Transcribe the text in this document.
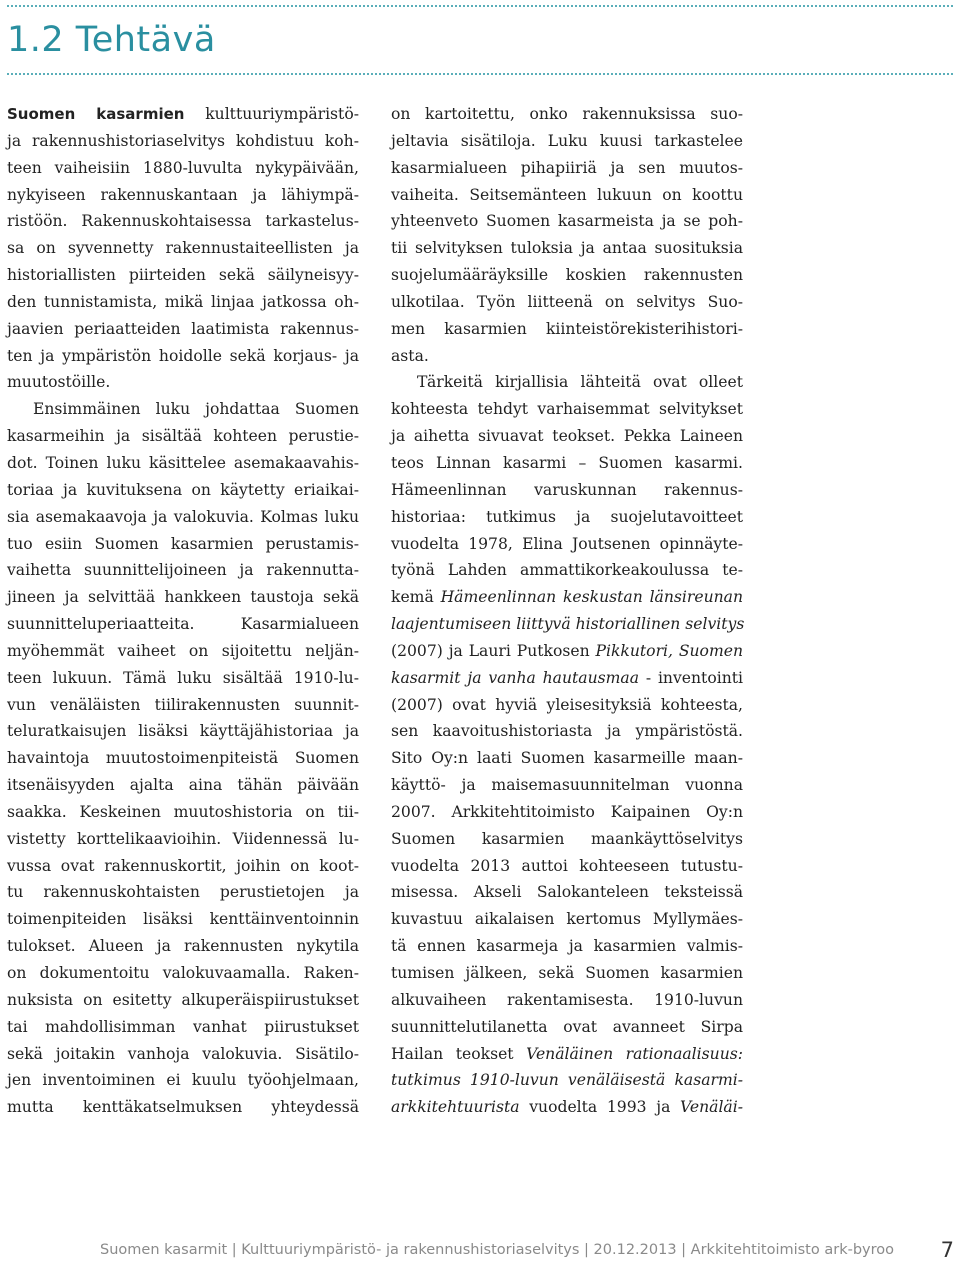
1.2 Tehtävä
Suomen kasarmien kulttuuriympäristö-
ja rakennushistoriaselvitys kohdistuu koh-
teen vaiheisiin 1880-luvulta nykypäivään,
nykyiseen rakennuskantaan ja lähiympä-
ristöön. Rakennuskohtaisessa tarkastelus-
sa on syvennetty rakennustaiteellisten ja
historiallisten piirteiden sekä säilyneisyy-
den tunnistamista, mikä linjaa jatkossa oh-
jaavien periaatteiden laatimista rakennus-
ten ja ympäristön hoidolle sekä korjaus- ja
muutostöille.
Ensimmäinen luku johdattaa Suomen
kasarmeihin ja sisältää kohteen perustie-
dot. Toinen luku käsittelee asemakaavahis-
toriaa ja kuvituksena on käytetty eriaikai-
sia asemakaavoja ja valokuvia. Kolmas luku
tuo esiin Suomen kasarmien perustamis-
vaihetta suunnittelijoineen ja rakennutta-
jineen ja selvittää hankkeen taustoja sekä
suunnitteluperiaatteita. Kasarmialueen
myöhemmät vaiheet on sijoitettu neljän-
teen lukuun. Tämä luku sisältää 1910-lu-
vun venäläisten tiilirakennusten suunnit-
teluratkaisujen lisäksi käyttäjähistoriaa ja
havaintoja muutostoimenpiteistä Suomen
itsenäisyyden ajalta aina tähän päivään
saakka. Keskeinen muutoshistoria on tii-
vistetty korttelikaavioihin. Viidennessä lu-
vussa ovat rakennuskortit, joihin on koot-
tu rakennuskohtaisten perustietojen ja
toimenpiteiden lisäksi kenttäinventoinnin
tulokset. Alueen ja rakennusten nykytila
on dokumentoitu valokuvaamalla. Raken-
nuksista on esitetty alkuperäispiirustukset
tai mahdollisimman vanhat piirustukset
sekä joitakin vanhoja valokuvia. Sisätilo-
jen inventoiminen ei kuulu työohjelmaan,
mutta kenttäkatselmuksen yhteydessä
on kartoitettu, onko rakennuksissa suo-
jeltavia sisätiloja. Luku kuusi tarkastelee
kasarmialueen pihapiiriä ja sen muutos-
vaiheita. Seitsemänteen lukuun on koottu
yhteenveto Suomen kasarmeista ja se poh-
tii selvityksen tuloksia ja antaa suosituksia
suojelumääräyksille koskien rakennusten
ulkotilaa. Työn liitteenä on selvitys Suo-
men kasarmien kiinteistörekisterihistori-
asta.
Tärkeitä kirjallisia lähteitä ovat olleet
kohteesta tehdyt varhaisemmat selvitykset
ja aihetta sivuavat teokset. Pekka Laineen
teos Linnan kasarmi – Suomen kasarmi.
Hämeenlinnan varuskunnan rakennus-
historiaa: tutkimus ja suojelutavoitteet
vuodelta 1978, Elina Joutsenen opinnäyte-
työnä Lahden ammattikorkeakoulussa te-
kemä Hämeenlinnan keskustan länsireunan
laajentumiseen liittyvä historiallinen selvitys
(2007) ja Lauri Putkosen Pikkutori, Suomen
kasarmit ja vanha hautausmaa - inventointi
(2007) ovat hyviä yleisesityksiä kohteesta,
sen kaavoitushistoriasta ja ympäristöstä.
Sito Oy:n laati Suomen kasarmeille maan-
käyttö- ja maisemasuunnitelman vuonna
2007. Arkkitehtitoimisto Kaipainen Oy:n
Suomen kasarmien maankäyttöselvitys
vuodelta 2013 auttoi kohteeseen tutustu-
misessa. Akseli Salokanteleen teksteissä
kuvastuu aikalaisen kertomus Myllymäes-
tä ennen kasarmeja ja kasarmien valmis-
tumisen jälkeen, sekä Suomen kasarmien
alkuvaiheen rakentamisesta. 1910-luvun
suunnittelutilanetta ovat avanneet Sirpa
Hailan teokset Venäläinen rationaalisuus:
tutkimus 1910-luvun venäläisestä kasarmi-
arkkitehtuurista vuodelta 1993 ja Venäläi-
Suomen kasarmit | Kulttuuriympäristö- ja rakennushistoriaselvitys | 20.12.2013 | Arkkitehtitoimisto ark-byroo 7
